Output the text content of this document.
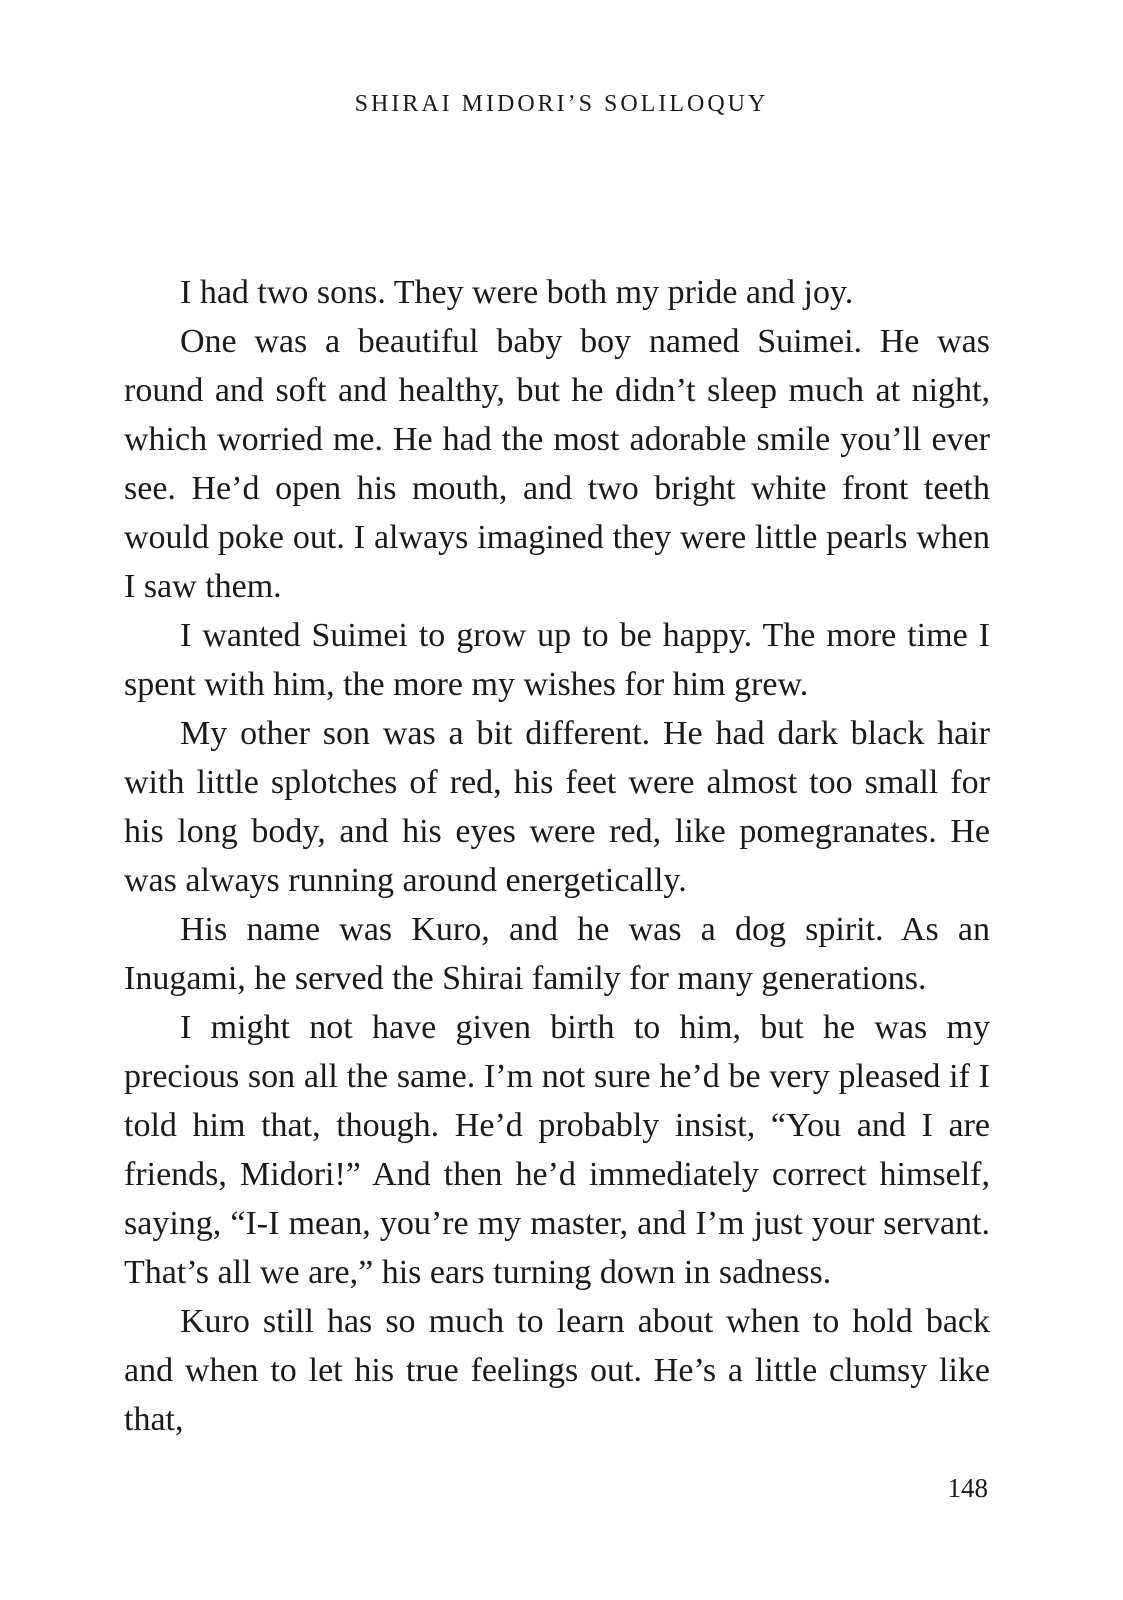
SHIRAI MIDORI’S SOLILOQUY

I had two sons. They were both my pride and joy.

One was a beautiful baby boy named Suimei. He was round and soft and healthy, but he didn’t sleep much at night, which worried me. He had the most adorable smile you’ll ever see. He’d open his mouth, and two bright white front teeth would poke out. I always imagined they were little pearls when I saw them.

I wanted Suimei to grow up to be happy. The more time I spent with him, the more my wishes for him grew.

My other son was a bit different. He had dark black hair with little splotches of red, his feet were almost too small for his long body, and his eyes were red, like pomegranates. He was always running around energetically.

His name was Kuro, and he was a dog spirit. As an Inugami, he served the Shirai family for many generations.

I might not have given birth to him, but he was my precious son all the same. I’m not sure he’d be very pleased if I told him that, though. He’d probably insist, “You and I are friends, Midori!” And then he’d immediately correct himself, saying, “I-I mean, you’re my master, and I’m just your servant. That’s all we are,” his ears turning down in sadness.

Kuro still has so much to learn about when to hold back and when to let his true feelings out. He’s a little clumsy like that,

148
